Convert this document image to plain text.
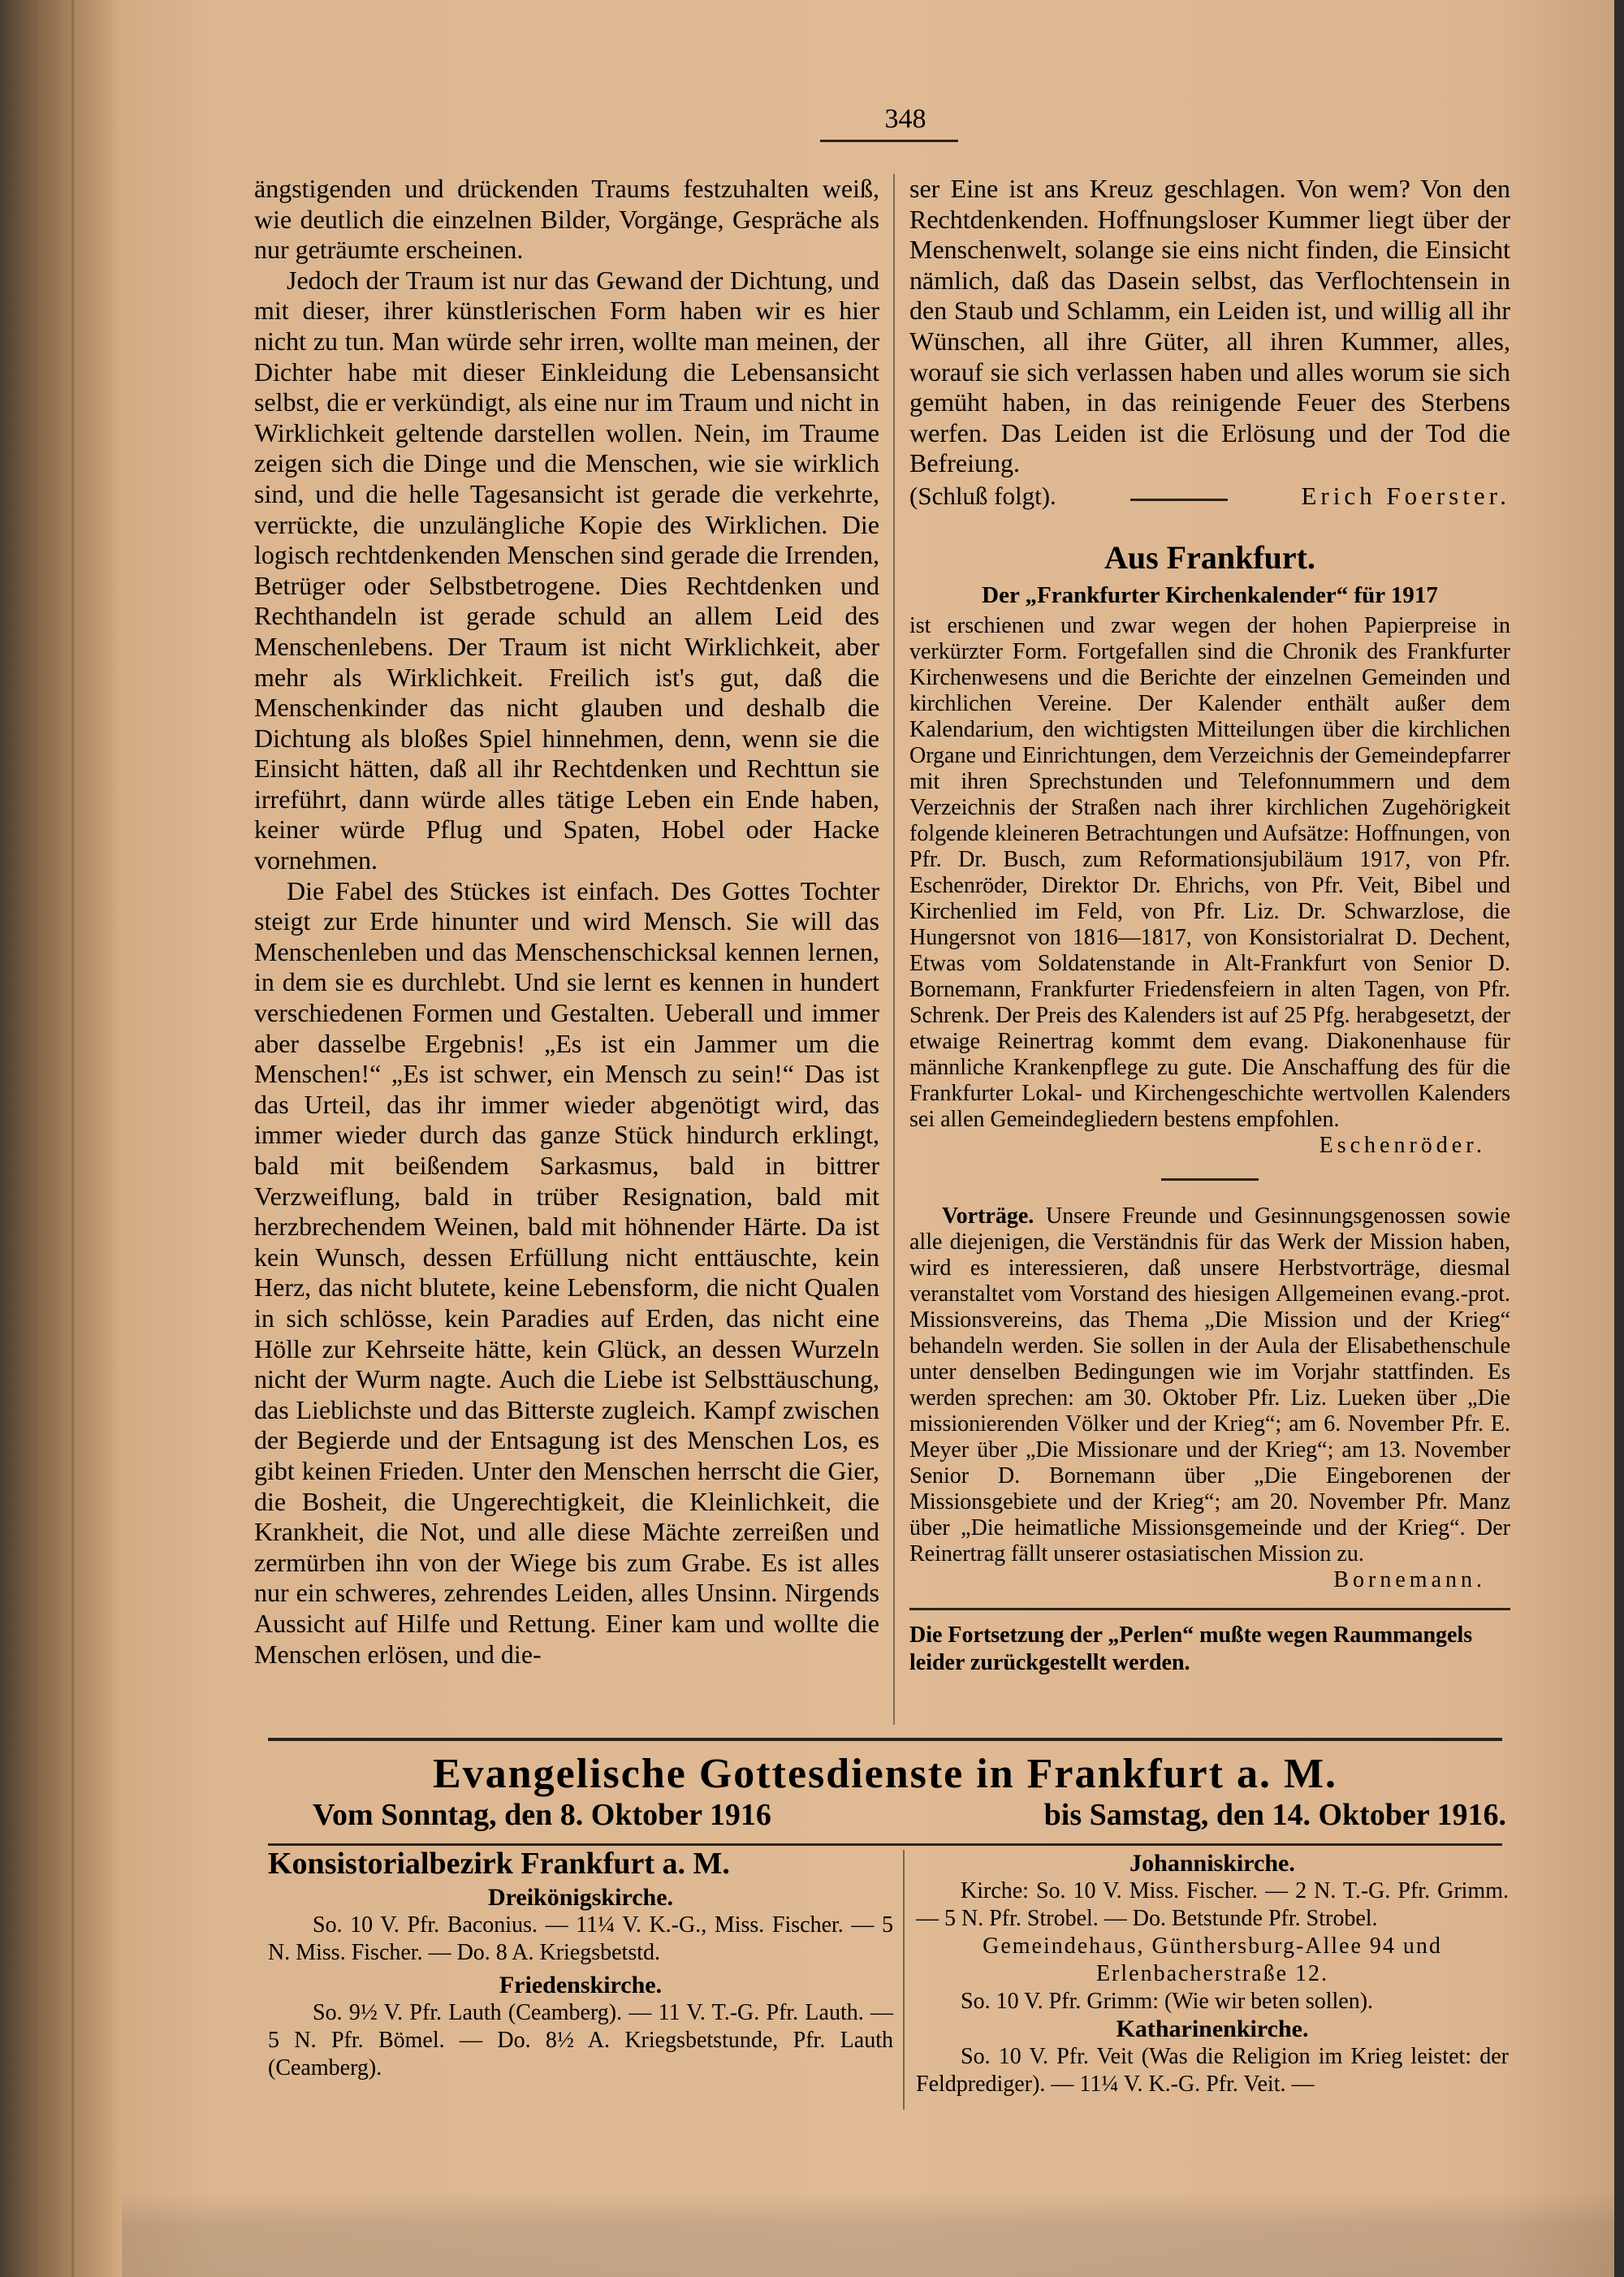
348

ängstigenden und drückenden Traums festzuhalten weiß, wie deutlich die einzelnen Bilder, Vorgänge, Gespräche als nur geträumte erscheinen.

Jedoch der Traum ist nur das Gewand der Dichtung, und mit dieser, ihrer künstlerischen Form haben wir es hier nicht zu tun. Man würde sehr irren, wollte man meinen, der Dichter habe mit dieser Einkleidung die Lebensansicht selbst, die er verkündigt, als eine nur im Traum und nicht in Wirklichkeit geltende darstellen wollen. Nein, im Traume zeigen sich die Dinge und die Menschen, wie sie wirklich sind, und die helle Tagesansicht ist gerade die verkehrte, verrückte, die unzulängliche Kopie des Wirklichen. Die logisch rechtdenkenden Menschen sind gerade die Irrenden, Betrüger oder Selbstbetrogene. Dies Rechtdenken und Rechthandeln ist gerade schuld an allem Leid des Menschenlebens. Der Traum ist nicht Wirklichkeit, aber mehr als Wirklichkeit. Freilich ist's gut, daß die Menschenkinder das nicht glauben und deshalb die Dichtung als bloßes Spiel hinnehmen, denn, wenn sie die Einsicht hätten, daß all ihr Rechtdenken und Rechttun sie irreführt, dann würde alles tätige Leben ein Ende haben, keiner würde Pflug und Spaten, Hobel oder Hacke vornehmen.

Die Fabel des Stückes ist einfach. Des Gottes Tochter steigt zur Erde hinunter und wird Mensch. Sie will das Menschenleben und das Menschenschicksal kennen lernen, in dem sie es durchlebt. Und sie lernt es kennen in hundert verschiedenen Formen und Gestalten. Ueberall und immer aber dasselbe Ergebnis! „Es ist ein Jammer um die Menschen!“ „Es ist schwer, ein Mensch zu sein!“ Das ist das Urteil, das ihr immer wieder abgenötigt wird, das immer wieder durch das ganze Stück hindurch erklingt, bald mit beißendem Sarkasmus, bald in bittrer Verzweiflung, bald in trüber Resignation, bald mit herzbrechendem Weinen, bald mit höhnender Härte. Da ist kein Wunsch, dessen Erfüllung nicht enttäuschte, kein Herz, das nicht blutete, keine Lebensform, die nicht Qualen in sich schlösse, kein Paradies auf Erden, das nicht eine Hölle zur Kehrseite hätte, kein Glück, an dessen Wurzeln nicht der Wurm nagte. Auch die Liebe ist Selbsttäuschung, das Lieblichste und das Bitterste zugleich. Kampf zwischen der Begierde und der Entsagung ist des Menschen Los, es gibt keinen Frieden. Unter den Menschen herrscht die Gier, die Bosheit, die Ungerechtigkeit, die Kleinlichkeit, die Krankheit, die Not, und alle diese Mächte zerreißen und zermürben ihn von der Wiege bis zum Grabe. Es ist alles nur ein schweres, zehrendes Leiden, alles Unsinn. Nirgends Aussicht auf Hilfe und Rettung. Einer kam und wollte die Menschen erlösen, und die-

ser Eine ist ans Kreuz geschlagen. Von wem? Von den Rechtdenkenden. Hoffnungsloser Kummer liegt über der Menschenwelt, solange sie eins nicht finden, die Einsicht nämlich, daß das Dasein selbst, das Verflochtensein in den Staub und Schlamm, ein Leiden ist, und willig all ihr Wünschen, all ihre Güter, all ihren Kummer, alles, worauf sie sich verlassen haben und alles worum sie sich gemüht haben, in das reinigende Feuer des Sterbens werfen. Das Leiden ist die Erlösung und der Tod die Befreiung.

(Schluß folgt).	Erich Foerster.
Aus Frankfurt.
Der „Frankfurter Kirchenkalender“ für 1917

ist erschienen und zwar wegen der hohen Papierpreise in verkürzter Form. Fortgefallen sind die Chronik des Frankfurter Kirchenwesens und die Berichte der einzelnen Gemeinden und kirchlichen Vereine. Der Kalender enthält außer dem Kalendarium, den wichtigsten Mitteilungen über die kirchlichen Organe und Einrichtungen, dem Verzeichnis der Gemeindepfarrer mit ihren Sprechstunden und Telefonnummern und dem Verzeichnis der Straßen nach ihrer kirchlichen Zugehörigkeit folgende kleineren Betrachtungen und Aufsätze: Hoffnungen, von Pfr. Dr. Busch, zum Reformationsjubiläum 1917, von Pfr. Eschenröder, Direktor Dr. Ehrichs, von Pfr. Veit, Bibel und Kirchenlied im Feld, von Pfr. Liz. Dr. Schwarzlose, die Hungersnot von 1816—1817, von Konsistorialrat D. Dechent, Etwas vom Soldatenstande in Alt-Frankfurt von Senior D. Bornemann, Frankfurter Friedensfeiern in alten Tagen, von Pfr. Schrenk. Der Preis des Kalenders ist auf 25 Pfg. herabgesetzt, der etwaige Reinertrag kommt dem evang. Diakonenhause für männliche Krankenpflege zu gute. Die Anschaffung des für die Frankfurter Lokal- und Kirchengeschichte wertvollen Kalenders sei allen Gemeindegliedern bestens empfohlen.

Eschenröder.

Vorträge. Unsere Freunde und Gesinnungsgenossen sowie alle diejenigen, die Verständnis für das Werk der Mission haben, wird es interessieren, daß unsere Herbstvorträge, diesmal veranstaltet vom Vorstand des hiesigen Allgemeinen evang.-prot. Missionsvereins, das Thema „Die Mission und der Krieg“ behandeln werden. Sie sollen in der Aula der Elisabethenschule unter denselben Bedingungen wie im Vorjahr stattfinden. Es werden sprechen: am 30. Oktober Pfr. Liz. Lueken über „Die missionierenden Völker und der Krieg“; am 6. November Pfr. E. Meyer über „Die Missionare und der Krieg“; am 13. November Senior D. Bornemann über „Die Eingeborenen der Missionsgebiete und der Krieg“; am 20. November Pfr. Manz über „Die heimatliche Missionsgemeinde und der Krieg“. Der Reinertrag fällt unserer ostasiatischen Mission zu.

Bornemann.

Die Fortsetzung der „Perlen“ mußte wegen Raummangels leider zurückgestellt werden.
Evangelische Gottesdienste in Frankfurt a. M.
Vom Sonntag, den 8. Oktober 1916	bis Samstag, den 14. Oktober 1916.
Konsistorialbezirk Frankfurt a. M.
Dreikönigskirche.

So. 10 V. Pfr. Baconius. — 11¼ V. K.-G., Miss. Fischer. — 5 N. Miss. Fischer. — Do. 8 A. Kriegsbetstd.

Friedenskirche.

So. 9½ V. Pfr. Lauth (Ceamberg). — 11 V. T.-G. Pfr. Lauth. — 5 N. Pfr. Bömel. — Do. 8½ A. Kriegsbetstunde, Pfr. Lauth (Ceamberg).

Johanniskirche.

Kirche: So. 10 V. Miss. Fischer. — 2 N. T.-G. Pfr. Grimm. — 5 N. Pfr. Strobel. — Do. Betstunde Pfr. Strobel.

Gemeindehaus, Günthersburg-Allee 94 und Erlenbacherstraße 12.

So. 10 V. Pfr. Grimm: (Wie wir beten sollen).

Katharinenkirche.

So. 10 V. Pfr. Veit (Was die Religion im Krieg leistet: der Feldprediger). — 11¼ V. K.-G. Pfr. Veit. —
